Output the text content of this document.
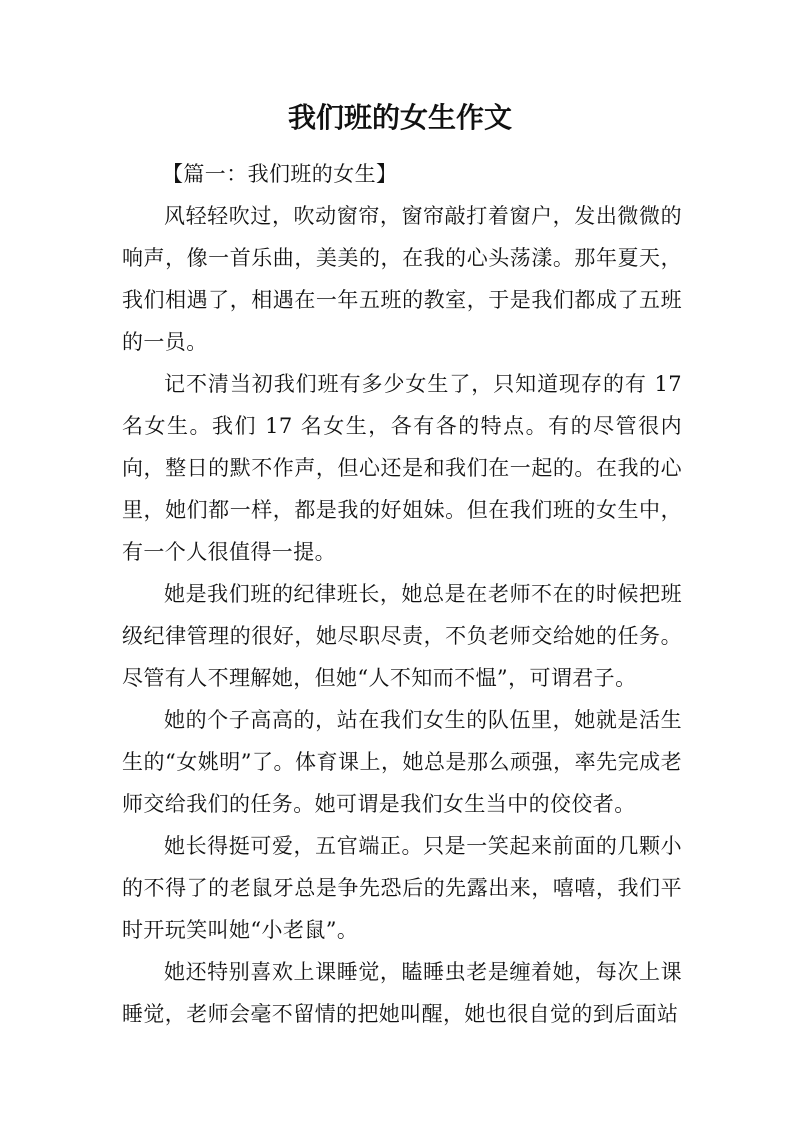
我们班的女生作文

【篇一：我们班的女生】

风轻轻吹过，吹动窗帘，窗帘敲打着窗户，发出微微的响声，像一首乐曲，美美的，在我的心头荡漾。那年夏天，我们相遇了，相遇在一年五班的教室，于是我们都成了五班的一员。

记不清当初我们班有多少女生了，只知道现存的有 17 名女生。我们 17 名女生，各有各的特点。有的尽管很内向，整日的默不作声，但心还是和我们在一起的。在我的心里，她们都一样，都是我的好姐妹。但在我们班的女生中，有一个人很值得一提。

她是我们班的纪律班长，她总是在老师不在的时候把班级纪律管理的很好，她尽职尽责，不负老师交给她的任务。尽管有人不理解她，但她“人不知而不愠”，可谓君子。

她的个子高高的，站在我们女生的队伍里，她就是活生生的“女姚明”了。体育课上，她总是那么顽强，率先完成老师交给我们的任务。她可谓是我们女生当中的佼佼者。

她长得挺可爱，五官端正。只是一笑起来前面的几颗小的不得了的老鼠牙总是争先恐后的先露出来，嘻嘻，我们平时开玩笑叫她“小老鼠”。

她还特别喜欢上课睡觉，瞌睡虫老是缠着她，每次上课睡觉，老师会毫不留情的把她叫醒，她也很自觉的到后面站
